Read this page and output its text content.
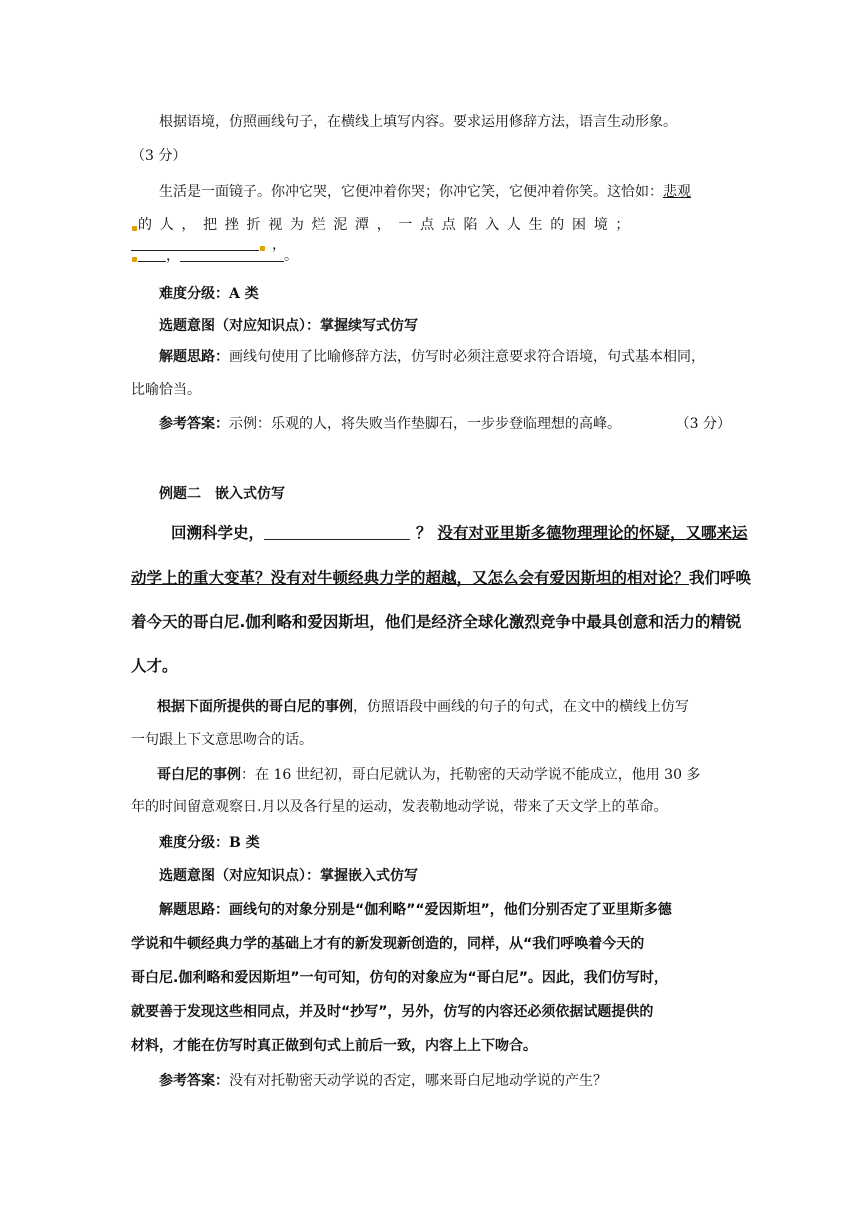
根据语境，仿照画线句子，在横线上填写内容。要求运用修辞方法，语言生动形象。
（3 分）
生活是一面镜子。你冲它哭，它便冲着你哭；你冲它笑，它便冲着你笑。这恰如：悲观
的人，把挫折视为烂泥潭，一点点陷入人生的困境；，
，	。
难度分级：A 类
选题意图（对应知识点）：掌握续写式仿写
解题思路：画线句使用了比喻修辞方法，仿写时必须注意要求符合语境，句式基本相同，
比喻恰当。
参考答案：示例：乐观的人，将失败当作垫脚石，一步步登临理想的高峰。	（3 分）
例题二　嵌入式仿写
回溯科学史，	？ 没有对亚里斯多德物理理论的怀疑，又哪来运
动学上的重大变革？没有对牛顿经典力学的超越，又怎么会有爱因斯坦的相对论？我们呼唤
着今天的哥白尼.伽利略和爱因斯坦，他们是经济全球化激烈竞争中最具创意和活力的精锐
人才。
根据下面所提供的哥白尼的事例，仿照语段中画线的句子的句式，在文中的横线上仿写
一句跟上下文意思吻合的话。
哥白尼的事例：在 16 世纪初，哥白尼就认为，托勒密的天动学说不能成立，他用 30 多
年的时间留意观察日.月以及各行星的运动，发表勒地动学说，带来了天文学上的革命。
难度分级：B 类
选题意图（对应知识点）：掌握嵌入式仿写
解题思路：画线句的对象分别是“伽利略”“爱因斯坦”，他们分别否定了亚里斯多德
学说和牛顿经典力学的基础上才有的新发现新创造的，同样，从“我们呼唤着今天的
哥白尼.伽利略和爱因斯坦”一句可知，仿句的对象应为“哥白尼”。因此，我们仿写时，
就要善于发现这些相同点，并及时“抄写”，另外，仿写的内容还必须依据试题提供的
材料，才能在仿写时真正做到句式上前后一致，内容上上下吻合。
参考答案：没有对托勒密天动学说的否定，哪来哥白尼地动学说的产生？
